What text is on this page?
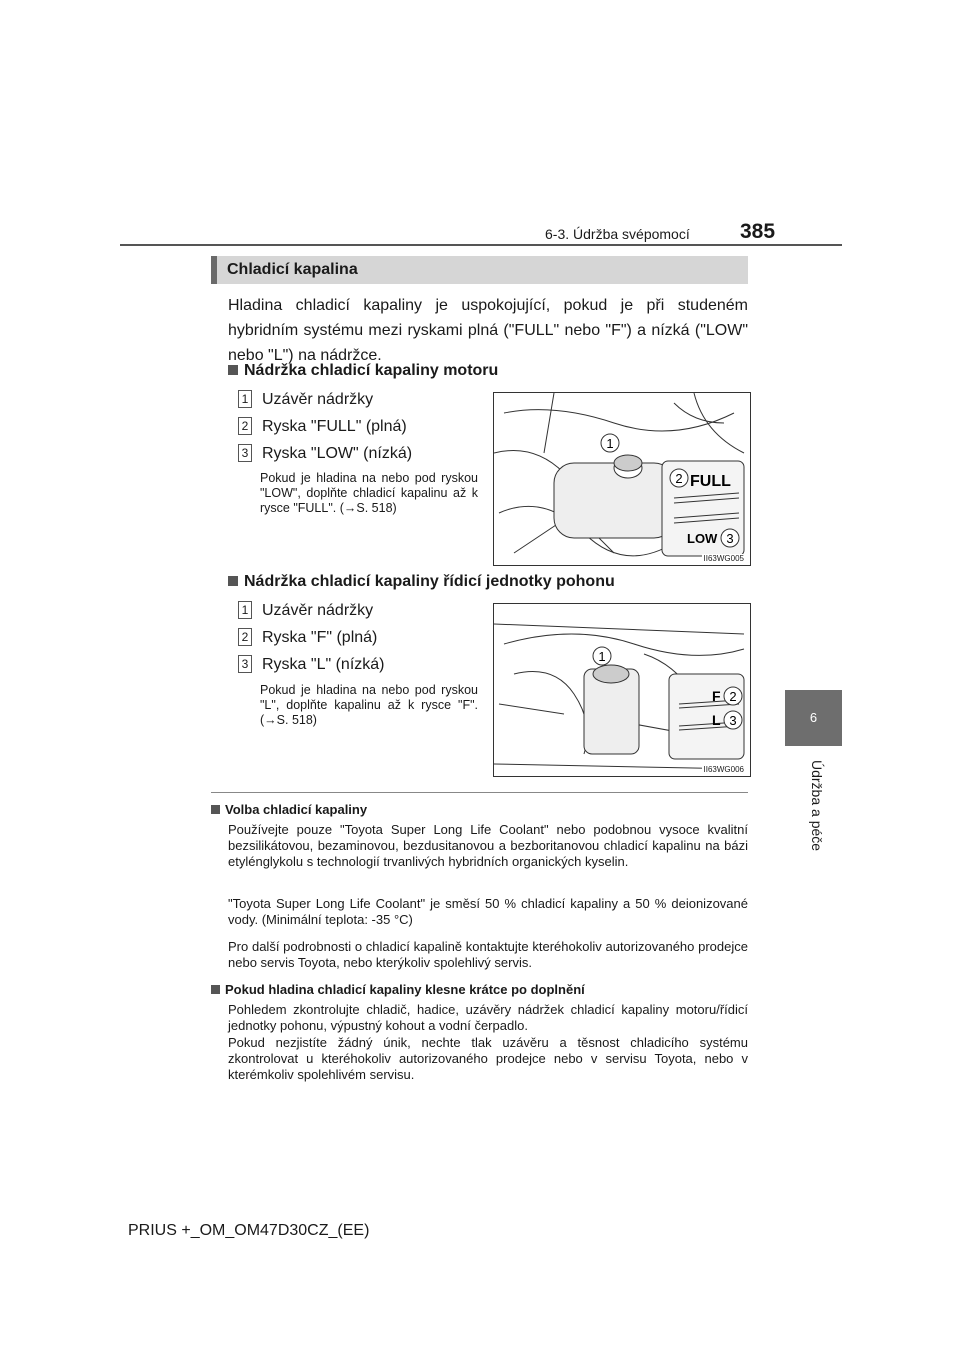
6-3. Údržba svépomocí 385
6
Údržba a péče
Chladicí kapalina
Hladina chladicí kapaliny je uspokojující, pokud je při studeném hybridním systému mezi ryskami plná ("FULL" nebo "F") a nízká ("LOW" nebo "L") na nádržce.
Nádržka chladicí kapaliny motoru
1 Uzávěr nádržky
2 Ryska "FULL" (plná)
3 Ryska "LOW" (nízká)
Pokud je hladina na nebo pod ryskou "LOW", doplňte chladicí kapalinu až k rysce "FULL". (→S. 518)
1
2 FULL
LOW 3
II63WG005
Nádržka chladicí kapaliny řídicí jednotky pohonu
1 Uzávěr nádržky
2 Ryska "F" (plná)
3 Ryska "L" (nízká)
Pokud je hladina na nebo pod ryskou "L", doplňte kapalinu až k rysce "F". (→S. 518)
1
F 2
L 3
II63WG006
Volba chladicí kapaliny
Používejte pouze "Toyota Super Long Life Coolant" nebo podobnou vysoce kvalitní bezsilikátovou, bezaminovou, bezdusitanovou a bezboritanovou chladicí kapalinu na bázi etylénglykolu s technologií trvanlivých hybridních organických kyselin.
"Toyota Super Long Life Coolant" je směsí 50 % chladicí kapaliny a 50 % deionizované vody. (Minimální teplota: -35 °C)
Pro další podrobnosti o chladicí kapalině kontaktujte kteréhokoliv autorizovaného prodejce nebo servis Toyota, nebo kterýkoliv spolehlivý servis.
Pokud hladina chladicí kapaliny klesne krátce po doplnění
Pohledem zkontrolujte chladič, hadice, uzávěry nádržek chladicí kapaliny motoru/řídicí jednotky pohonu, výpustný kohout a vodní čerpadlo.
Pokud nezjistíte žádný únik, nechte tlak uzávěru a těsnost chladicího systému zkontrolovat u kteréhokoliv autorizovaného prodejce nebo v servisu Toyota, nebo v kterémkoliv spolehlivém servisu.
PRIUS +_OM_OM47D30CZ_(EE)
